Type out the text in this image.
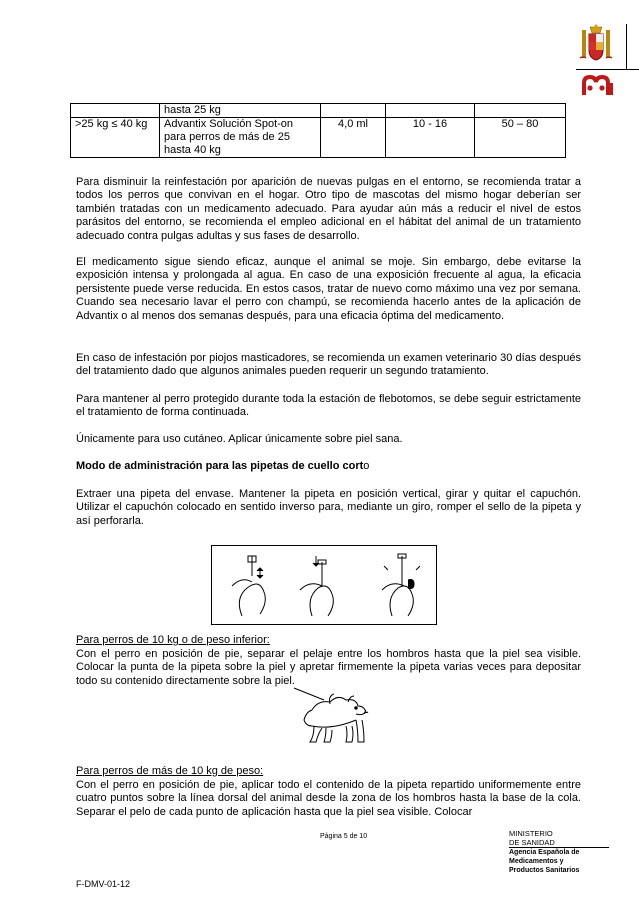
	hasta 25 kg			
>25 kg ≤ 40 kg	Advantix Solución Spot-on para perros de más de 25 hasta 40 kg	4,0 ml	10 - 16	50 – 80
Para disminuir la reinfestación por aparición de nuevas pulgas en el entorno, se recomienda tratar a todos los perros que convivan en el hogar. Otro tipo de mascotas del mismo hogar deberían ser también tratadas con un medicamento adecuado. Para ayudar aún más a reducir el nivel de estos parásitos del entorno, se recomienda el empleo adicional en el hábitat del animal de un tratamiento adecuado contra pulgas adultas y sus fases de desarrollo.
El medicamento sigue siendo eficaz, aunque el animal se moje. Sin embargo, debe evitarse la exposición intensa y prolongada al agua. En caso de una exposición frecuente al agua, la eficacia persistente puede verse reducida. En estos casos, tratar de nuevo como máximo una vez por semana. Cuando sea necesario lavar el perro con champú, se recomienda hacerlo antes de la aplicación de Advantix o al menos dos semanas después, para una eficacia óptima del medicamento.
En caso de infestación por piojos masticadores, se recomienda un examen veterinario 30 días después del tratamiento dado que algunos animales pueden requerir un segundo tratamiento.
Para mantener al perro protegido durante toda la estación de flebotomos, se debe seguir estrictamente el tratamiento de forma continuada.
Únicamente para uso cutáneo. Aplicar únicamente sobre piel sana.
Modo de administración para las pipetas de cuello corto
Extraer una pipeta del envase. Mantener la pipeta en posición vertical, girar y quitar el capuchón. Utilizar el capuchón colocado en sentido inverso para, mediante un giro, romper el sello de la pipeta y así perforarla.
Para perros de 10 kg o de peso inferior:
Con el perro en posición de pie, separar el pelaje entre los hombros hasta que la piel sea visible. Colocar la punta de la pipeta sobre la piel y apretar firmemente la pipeta varias veces para depositar todo su contenido directamente sobre la piel.
Para perros de más de 10 kg de peso:
Con el perro en posición de pie, aplicar todo el contenido de la pipeta repartido uniformemente entre cuatro puntos sobre la línea dorsal del animal desde la zona de los hombros hasta la base de la cola. Separar el pelo de cada punto de aplicación hasta que la piel sea visible. Colocar
Página 5 de 10	MINISTERIO
DE SANIDAD
Agencia Española de
Medicamentos y
Productos Sanitarios
F-DMV-01-12
